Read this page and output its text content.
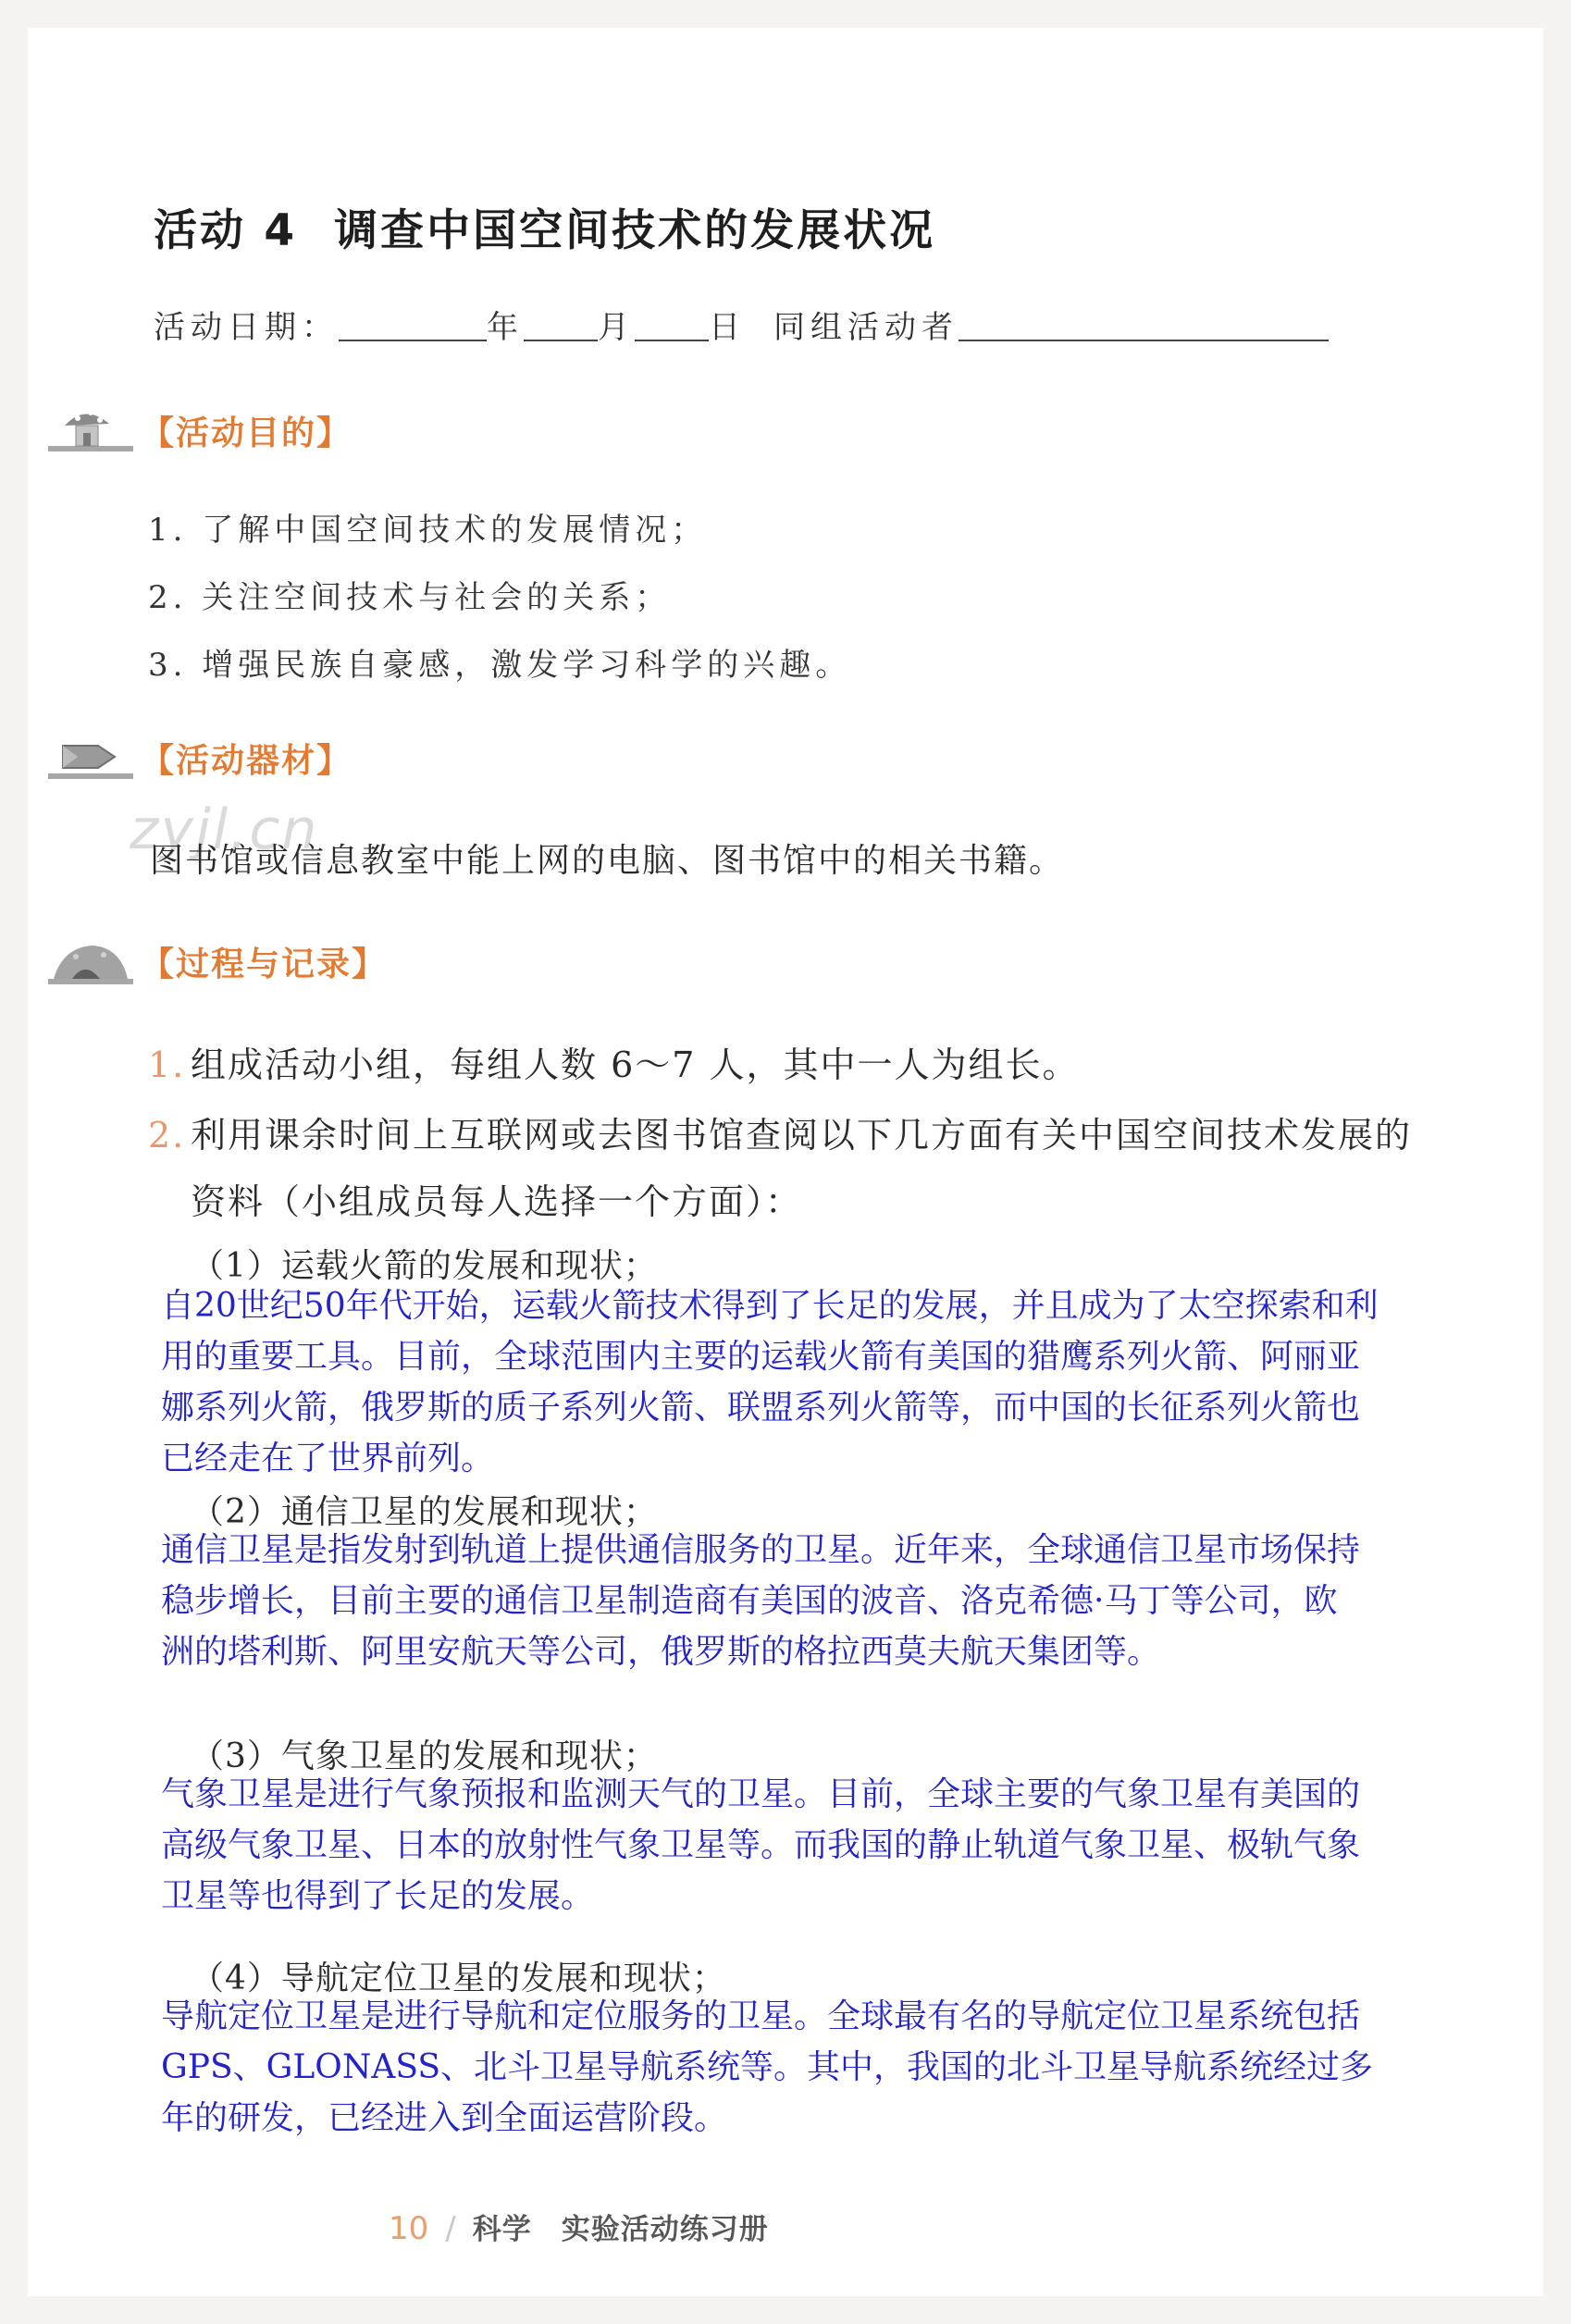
活动 4 调查中国空间技术的发展状况
活动日期：	年 月 日 同组活动者
【活动目的】
1. 了解中国空间技术的发展情况；
2. 关注空间技术与社会的关系；
3. 增强民族自豪感，激发学习科学的兴趣。
【活动器材】
zyjl.cn
图书馆或信息教室中能上网的电脑、图书馆中的相关书籍。
【过程与记录】
1. 组成活动小组，每组人数 6～7 人，其中一人为组长。
2. 利用课余时间上互联网或去图书馆查阅以下几方面有关中国空间技术发展的
资料（小组成员每人选择一个方面）：
（1）运载火箭的发展和现状；
自20世纪50年代开始，运载火箭技术得到了长足的发展，并且成为了太空探索和利
用的重要工具。目前，全球范围内主要的运载火箭有美国的猎鹰系列火箭、阿丽亚
娜系列火箭，俄罗斯的质子系列火箭、联盟系列火箭等，而中国的长征系列火箭也
已经走在了世界前列。
（2）通信卫星的发展和现状；
通信卫星是指发射到轨道上提供通信服务的卫星。近年来，全球通信卫星市场保持
稳步增长，目前主要的通信卫星制造商有美国的波音、洛克希德·马丁等公司，欧
洲的塔利斯、阿里安航天等公司，俄罗斯的格拉西莫夫航天集团等。
（3）气象卫星的发展和现状；
气象卫星是进行气象预报和监测天气的卫星。目前，全球主要的气象卫星有美国的
高级气象卫星、日本的放射性气象卫星等。而我国的静止轨道气象卫星、极轨气象
卫星等也得到了长足的发展。
（4）导航定位卫星的发展和现状；
导航定位卫星是进行导航和定位服务的卫星。全球最有名的导航定位卫星系统包括
GPS、GLONASS、北斗卫星导航系统等。其中，我国的北斗卫星导航系统经过多
年的研发，已经进入到全面运营阶段。
10 / 科学　实验活动练习册
